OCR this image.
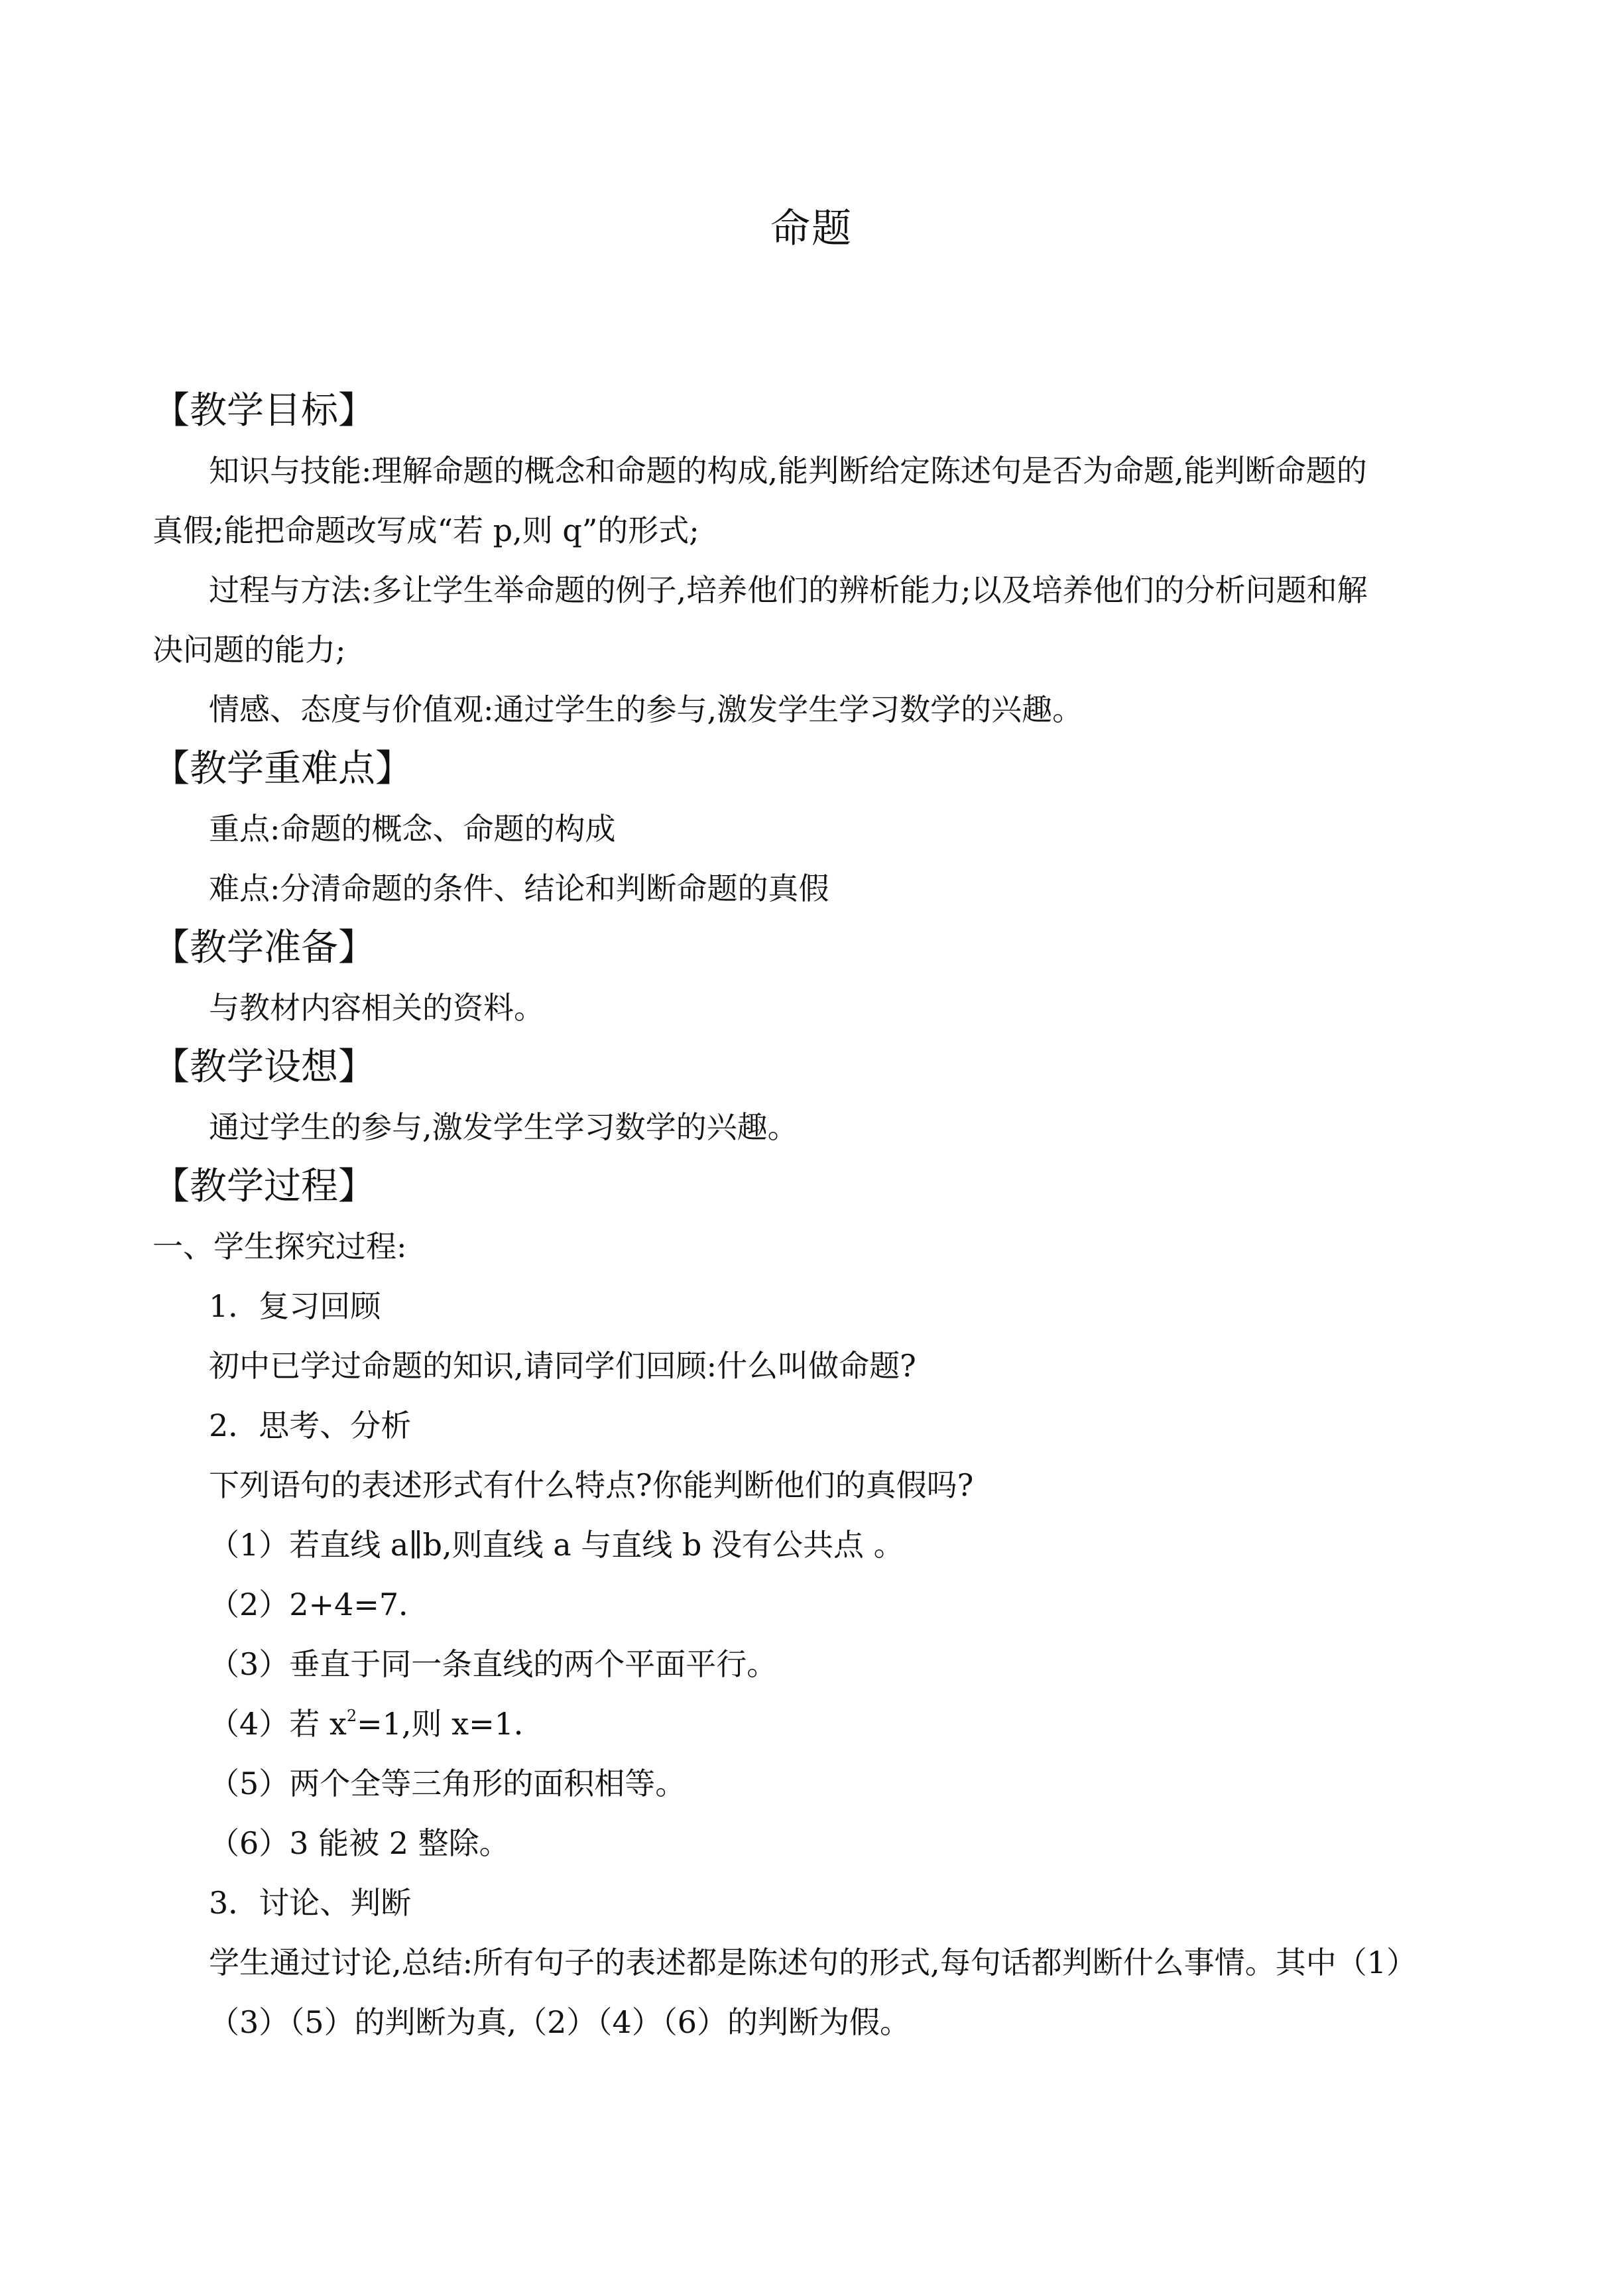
命题
【教学目标】
知识与技能:理解命题的概念和命题的构成,能判断给定陈述句是否为命题,能判断命题的
真假;能把命题改写成“若 p,则 q”的形式;
过程与方法:多让学生举命题的例子,培养他们的辨析能力;以及培养他们的分析问题和解
决问题的能力;
情感、态度与价值观:通过学生的参与,激发学生学习数学的兴趣。
【教学重难点】
重点:命题的概念、命题的构成
难点:分清命题的条件、结论和判断命题的真假
【教学准备】
与教材内容相关的资料。
【教学设想】
通过学生的参与,激发学生学习数学的兴趣。
【教学过程】
一、学生探究过程:
1．复习回顾
初中已学过命题的知识,请同学们回顾:什么叫做命题?
2．思考、分析
下列语句的表述形式有什么特点?你能判断他们的真假吗?
（1）若直线 a∥b,则直线 a 与直线 b 没有公共点 。
（2）2+4=7．
（3）垂直于同一条直线的两个平面平行。
（4）若 $x^2=1$,则 x=1．
（5）两个全等三角形的面积相等。
（6）3 能被 2 整除。
3．讨论、判断
学生通过讨论,总结:所有句子的表述都是陈述句的形式,每句话都判断什么事情。其中（1）
（3）（5）的判断为真,（2）（4）（6）的判断为假。
